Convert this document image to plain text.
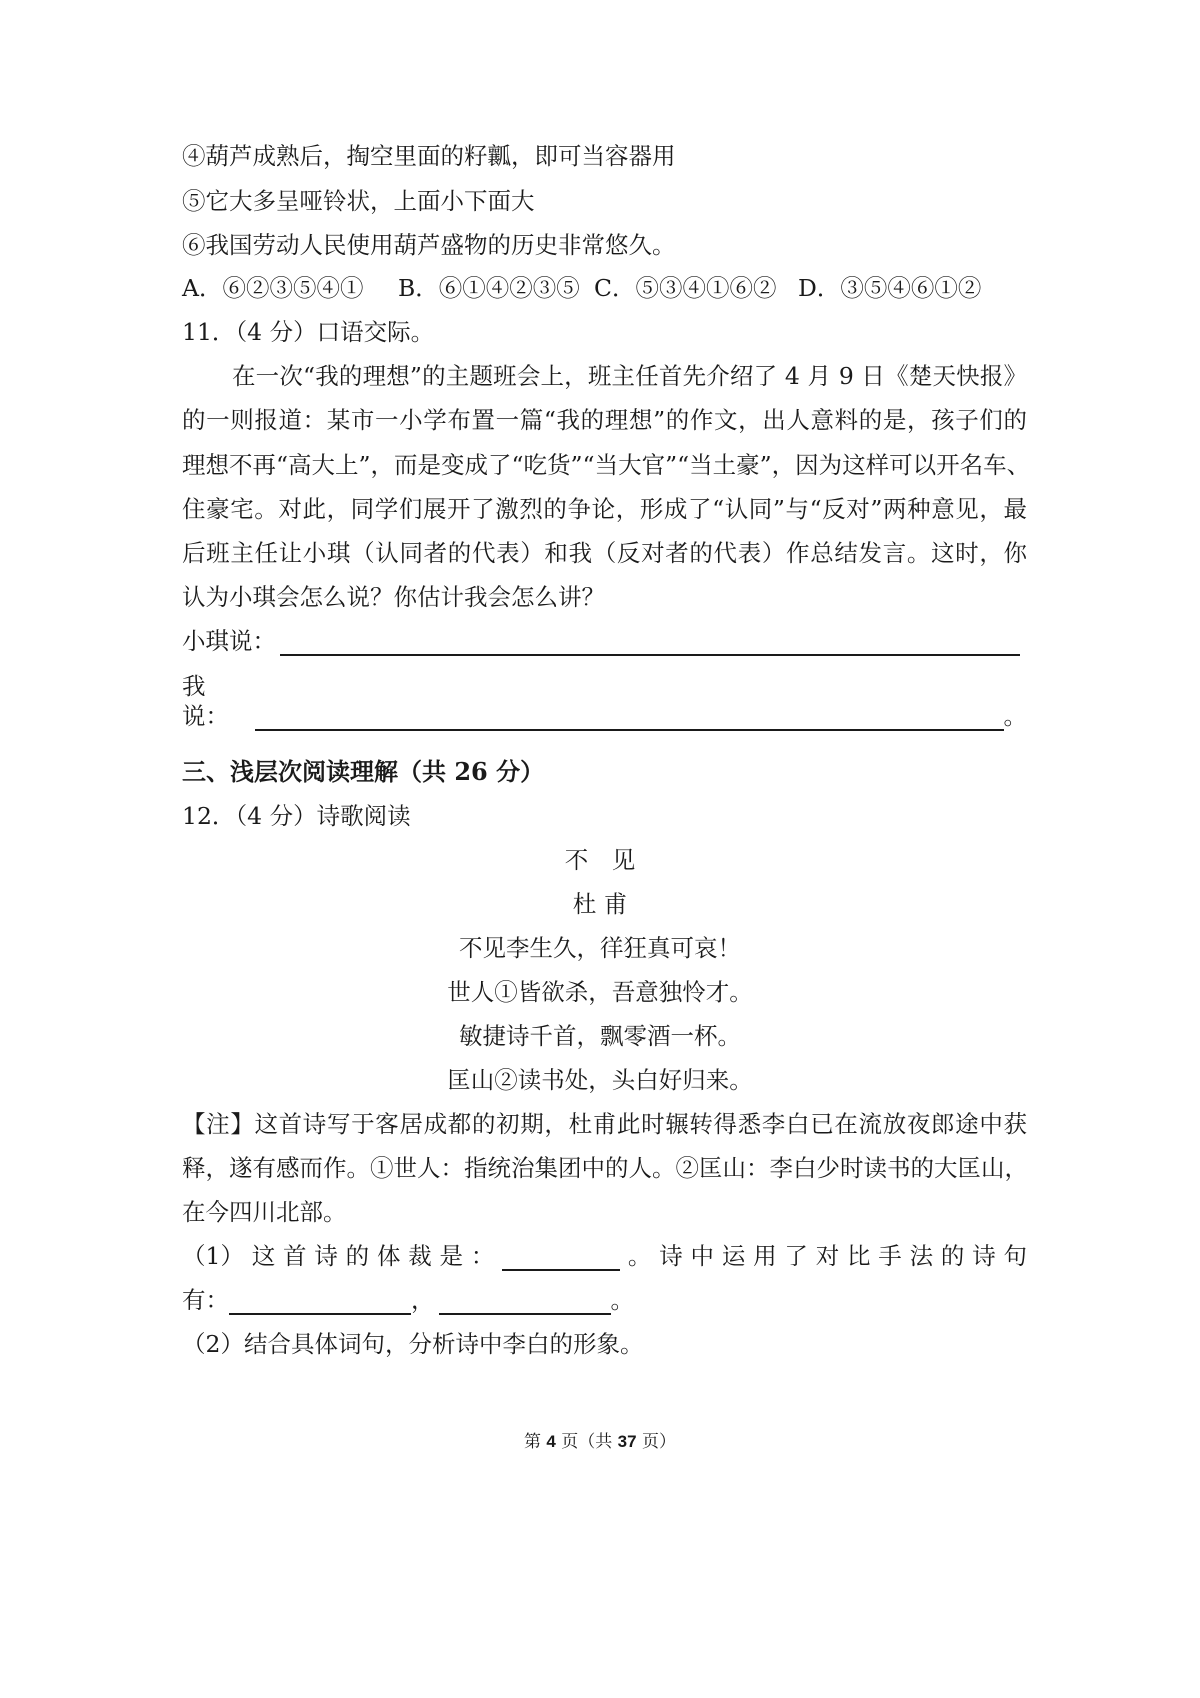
④葫芦成熟后，掏空里面的籽瓤，即可当容器用
⑤它大多呈哑铃状，上面小下面大
⑥我国劳动人民使用葫芦盛物的历史非常悠久。
A．⑥②③⑤④①	B．⑥①④②③⑤ C．⑤③④①⑥② D．③⑤④⑥①②
11．（4 分）口语交际。
在一次“我的理想”的主题班会上，班主任首先介绍了 4 月 9 日《楚天快报》
的一则报道：某市一小学布置一篇“我的理想”的作文，出人意料的是，孩子们的
理想不再“高大上”，而是变成了“吃货”“当大官”“当土豪”，因为这样可以开名车、
住豪宅。对此，同学们展开了激烈的争论，形成了“认同”与“反对”两种意见，最
后班主任让小琪（认同者的代表）和我（反对者的代表）作总结发言。这时，你
认为小琪会怎么说？你估计我会怎么讲？
小琪说：
我说：	。
三、浅层次阅读理解（共 26 分）
12．（4 分）诗歌阅读
不　见
杜 甫
不见李生久，徉狂真可哀！
世人①皆欲杀，吾意独怜才。
敏捷诗千首，飘零酒一杯。
匡山②读书处，头白好归来。
【注】这首诗写于客居成都的初期，杜甫此时辗转得悉李白已在流放夜郎途中获
释，遂有感而作。①世人：指统治集团中的人。②匡山：李白少时读书的大匡山，
在今四川北部。
（1） 这 首 诗 的 体 裁 是 ：	。 诗 中 运 用 了 对 比 手 法 的 诗 句
有：	，	。
（2）结合具体词句，分析诗中李白的形象。
第 4 页（共 37 页）
